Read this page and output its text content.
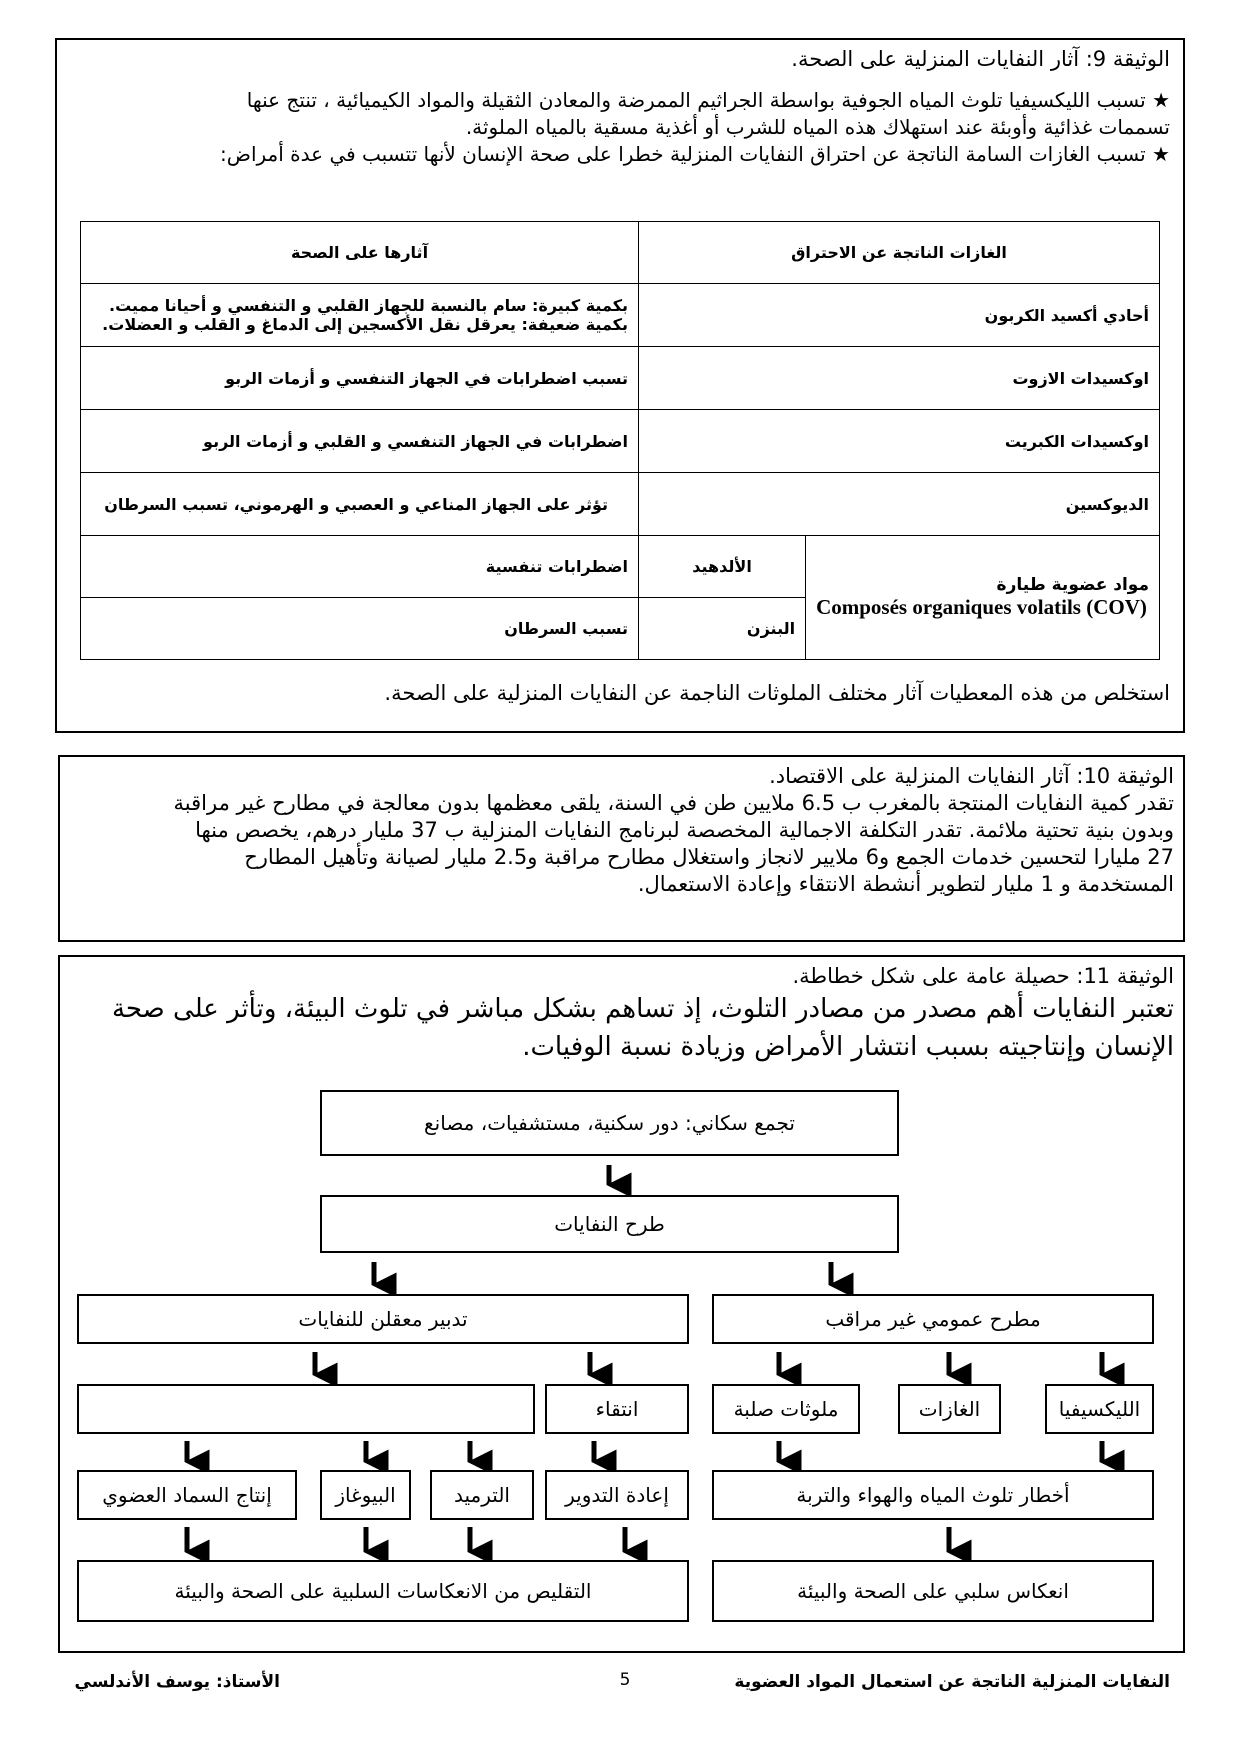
الوثيقة 9: آثار النفايات المنزلية على الصحة.

★ تسبب الليكسيفيا تلوث المياه الجوفية بواسطة الجراثيم الممرضة والمعادن الثقيلة والمواد الكيميائية ، تنتج عنها

تسممات غذائية وأوبئة عند استهلاك هذه المياه للشرب أو أغذية مسقية بالمياه الملوثة.

★ تسبب الغازات السامة الناتجة عن احتراق النفايات المنزلية خطرا على صحة الإنسان لأنها تتسبب في عدة أمراض:

الغازات الناتجة عن الاحتراق		آثارها على الصحة
أحادي أكسيد الكربون		بكمية كبيرة: سام بالنسبة للجهاز القلبي و التنفسي و أحيانا مميت.
بكمية ضعيفة: يعرقل نقل الأكسجين إلى الدماغ و القلب و العضلات.

اوكسيدات الازوت		تسبب اضطرابات في الجهاز التنفسي و أزمات الربو
اوكسيدات الكبريت		اضطرابات في الجهاز التنفسي و القلبي و أزمات الربو
الديوكسين		تؤثر على الجهاز المناعي و العصبي و الهرموني، تسبب السرطان

مواد عضوية طيارة
Composés organiques volatils (COV)	الألدهيد	اضطرابات تنفسية
	البنزن	تسبب السرطان

استخلص من هذه المعطيات آثار مختلف الملوثات الناجمة عن النفايات المنزلية على الصحة.

الوثيقة 10: آثار النفايات المنزلية على الاقتصاد.

تقدر كمية النفايات المنتجة بالمغرب ب 6.5 ملايين طن في السنة، يلقى معظمها بدون معالجة في مطارح غير مراقبة

وبدون بنية تحتية ملائمة. تقدر التكلفة الاجمالية المخصصة لبرنامج النفايات المنزلية ب 37 مليار درهم، يخصص منها

27 مليارا لتحسين خدمات الجمع و6 ملايير لانجاز واستغلال مطارح مراقبة و2.5 مليار لصيانة وتأهيل المطارح

المستخدمة و 1 مليار لتطوير أنشطة الانتقاء وإعادة الاستعمال.

الوثيقة 11: حصيلة عامة على شكل خطاطة.

تعتبر النفايات أهم مصدر من مصادر التلوث، إذ تساهم بشكل مباشر في تلوث البيئة، وتأثر على صحة

الإنسان وإنتاجيته بسبب انتشار الأمراض وزيادة نسبة الوفيات.

تجمع سكاني: دور سكنية، مستشفيات، مصانع
طرح النفايات
تدبير معقلن للنفايات	مطرح عمومي غير مراقب
انتقاء	ملوثات صلبة	الغازات	الليكسيفيا
إنتاج السماد العضوي	البيوغاز	الترميد	إعادة التدوير	أخطار تلوث المياه والهواء والتربة
التقليص من الانعكاسات السلبية على الصحة والبيئة	انعكاس سلبي على الصحة والبيئة
النفايات المنزلية الناتجة عن استعمال المواد العضوية
5
الأستاذ: يوسف الأندلسي
